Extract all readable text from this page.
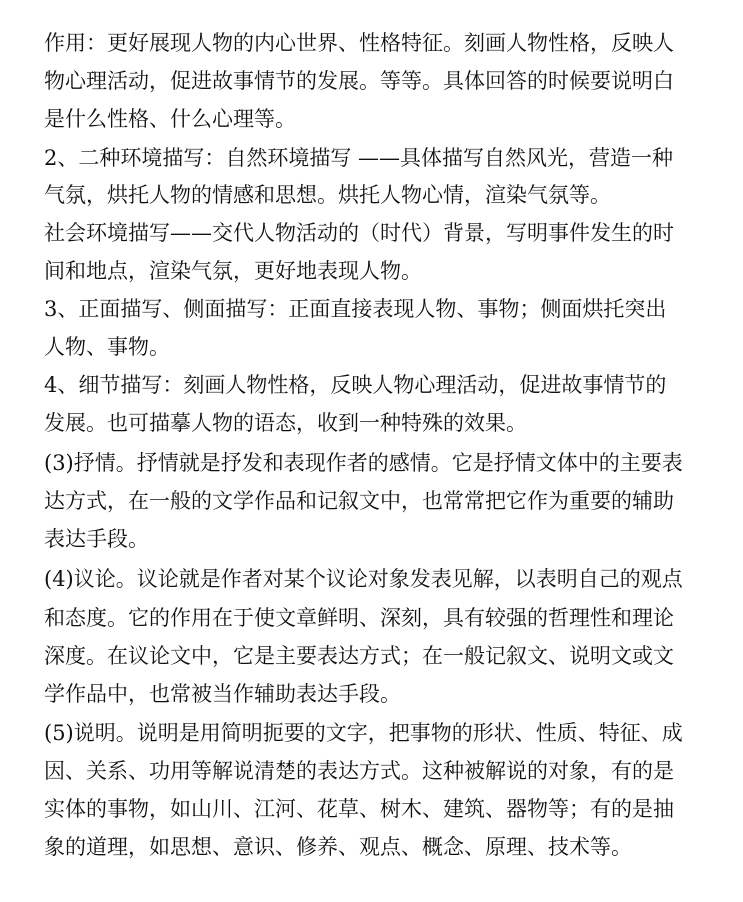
作用：更好展现人物的内心世界、性格特征。刻画人物性格，反映人
物心理活动，促进故事情节的发展。等等。具体回答的时候要说明白
是什么性格、什么心理等。
2、二种环境描写：自然环境描写 ——具体描写自然风光，营造一种
气氛，烘托人物的情感和思想。烘托人物心情，渲染气氛等。
社会环境描写——交代人物活动的（时代）背景，写明事件发生的时
间和地点，渲染气氛，更好地表现人物。
3、正面描写、侧面描写：正面直接表现人物、事物；侧面烘托突出
人物、事物。
4、细节描写：刻画人物性格，反映人物心理活动，促进故事情节的
发展。也可描摹人物的语态，收到一种特殊的效果。
(3)抒情。抒情就是抒发和表现作者的感情。它是抒情文体中的主要表
达方式，在一般的文学作品和记叙文中，也常常把它作为重要的辅助
表达手段。
(4)议论。议论就是作者对某个议论对象发表见解，以表明自己的观点
和态度。它的作用在于使文章鲜明、深刻，具有较强的哲理性和理论
深度。在议论文中，它是主要表达方式；在一般记叙文、说明文或文
学作品中，也常被当作辅助表达手段。
(5)说明。说明是用简明扼要的文字，把事物的形状、性质、特征、成
因、关系、功用等解说清楚的表达方式。这种被解说的对象，有的是
实体的事物，如山川、江河、花草、树木、建筑、器物等；有的是抽
象的道理，如思想、意识、修养、观点、概念、原理、技术等。
